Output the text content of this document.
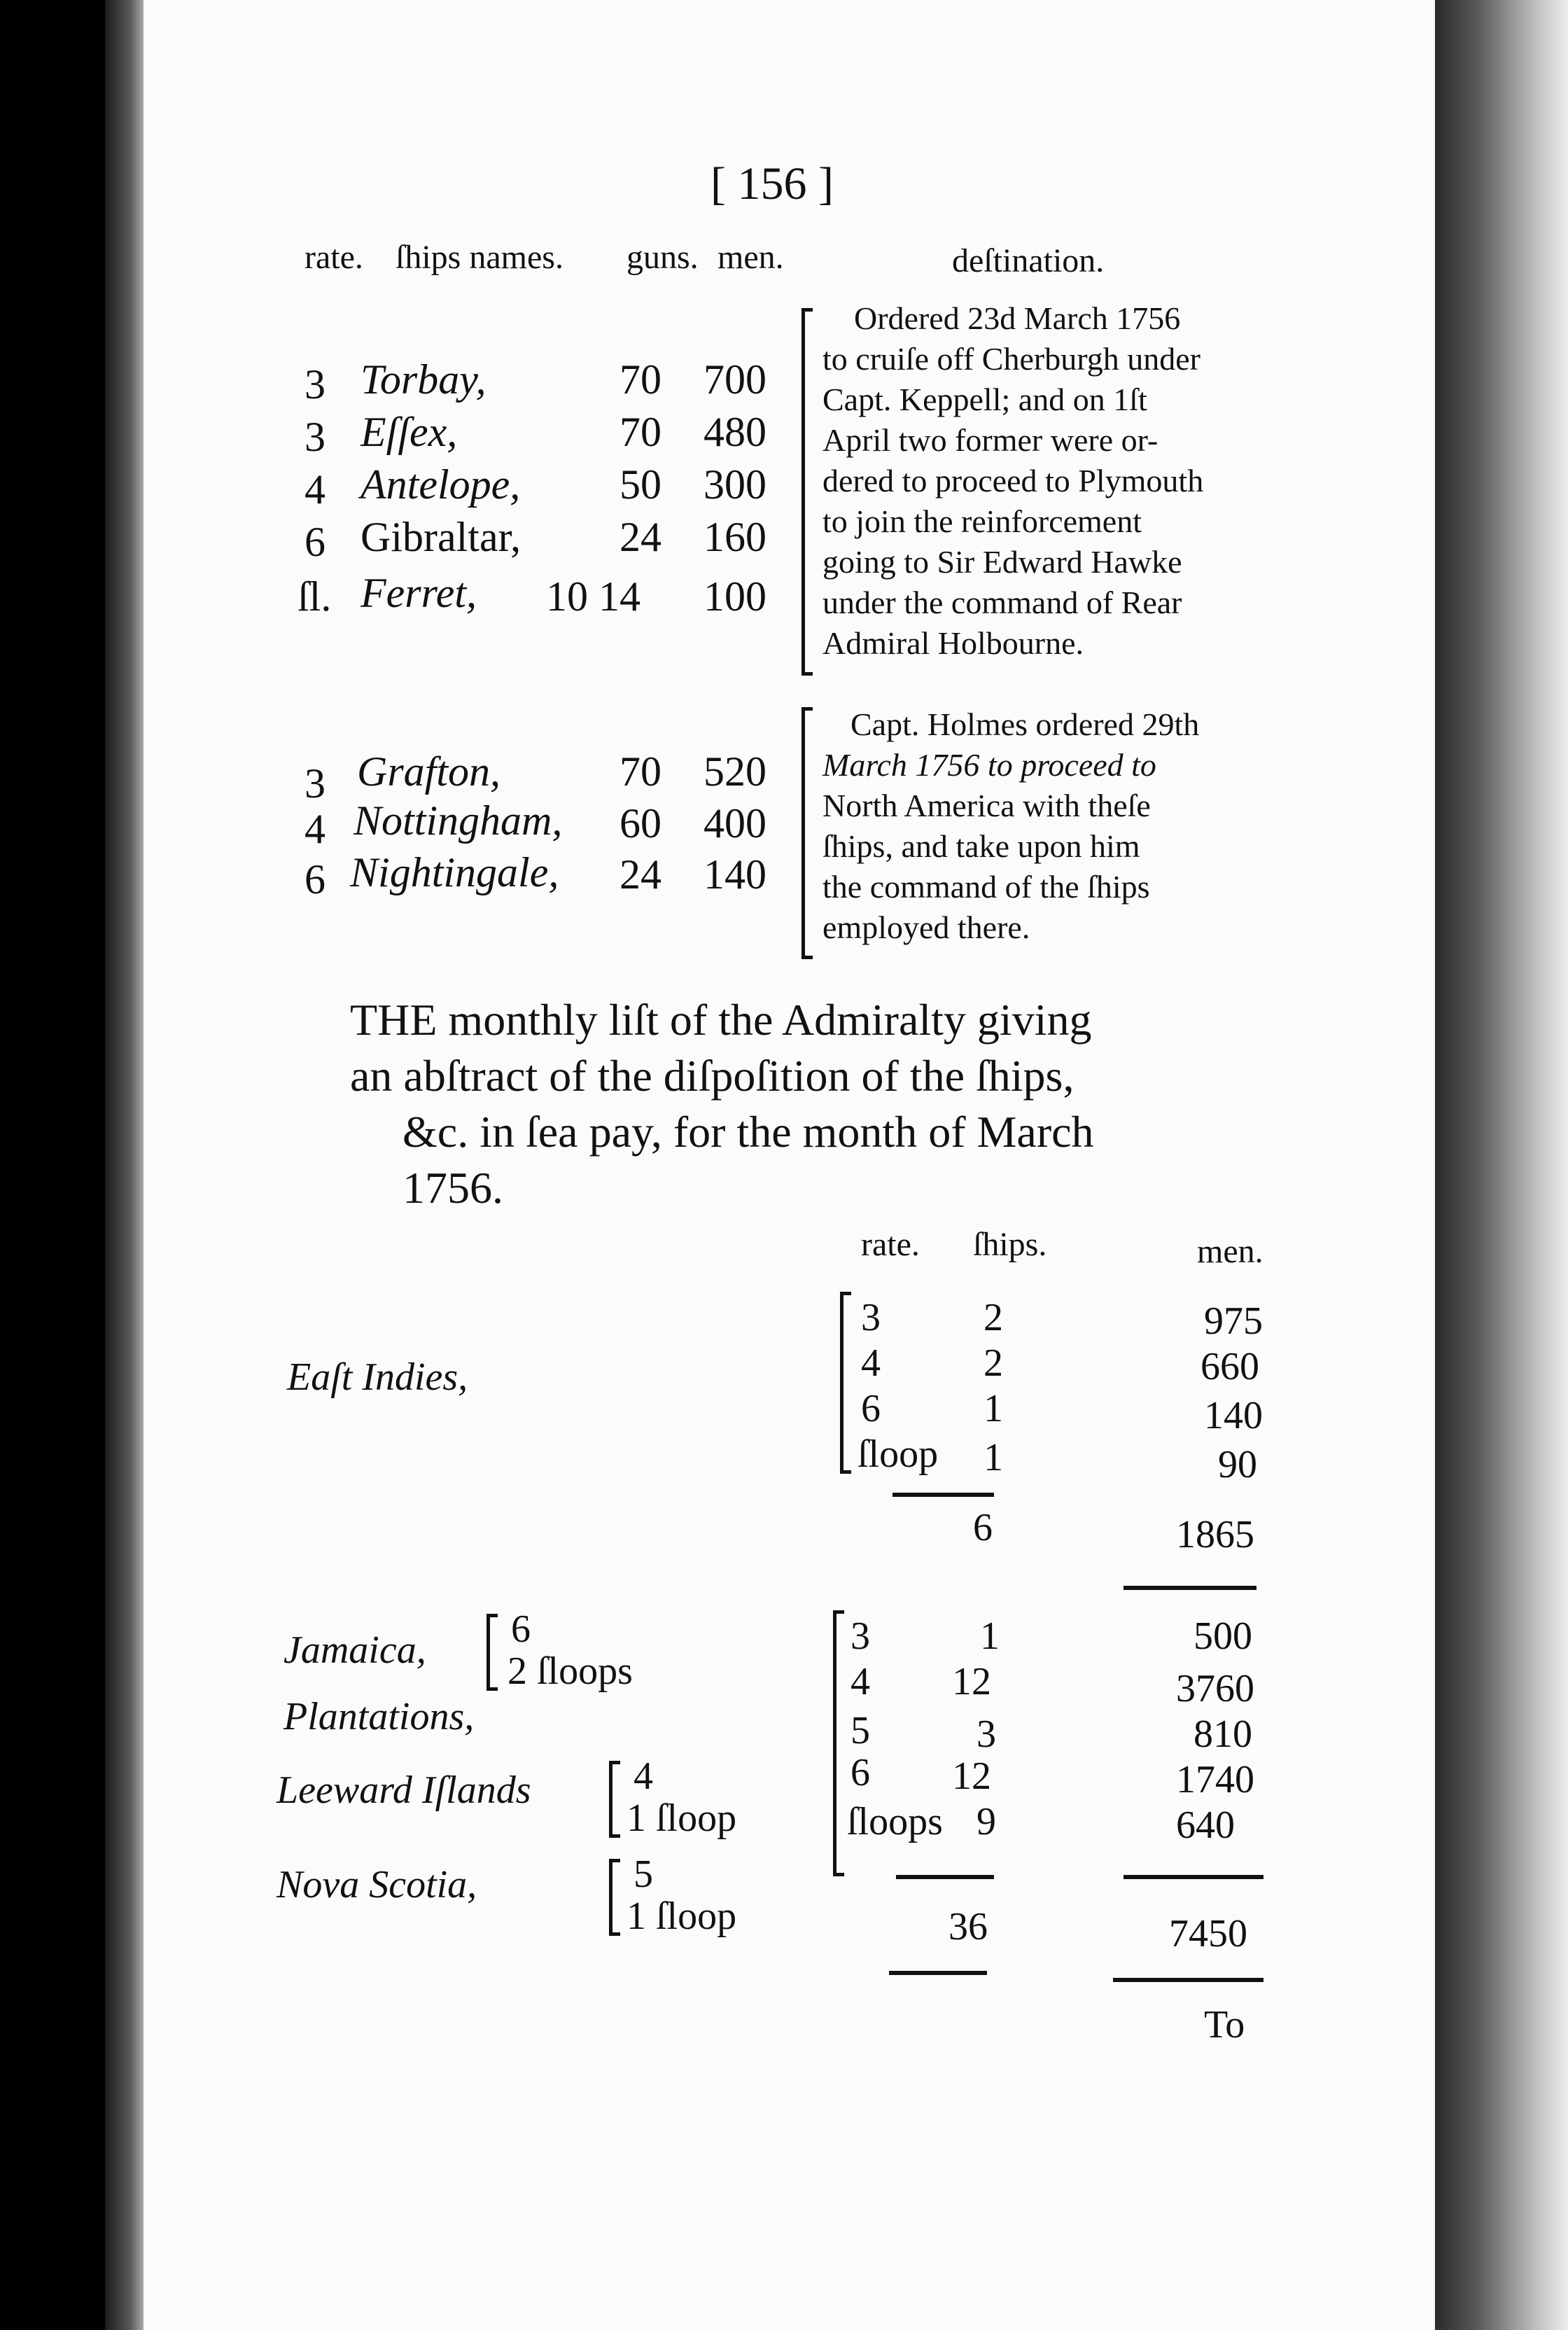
[ 156 ]
rate. ſhips names. guns. men.	deſtination.
3 Torbay,	70 700
3 Eſſex,	70 480
4 Antelope, 50 300
6 Gibraltar, 24 160
ſl. Ferret, 10 14 100
Ordered 23d March 1756
to cruiſe off Cherburgh under
Capt. Keppell; and on 1ſt
April two former were or-
dered to proceed to Plymouth
to join the reinforcement
going to Sir Edward Hawke
under the command of Rear
Admiral Holbourne.
3 Grafton,	70 520
4 Nottingham, 60 400
6 Nightingale, 24 140
Capt. Holmes ordered 29th
March 1756 to proceed to
North America with theſe
ſhips, and take upon him
the command of the ſhips
employed there.
THE monthly liſt of the Admiralty giving
an abſtract of the diſpoſition of the ſhips,
&c. in ſea pay, for the month of March
1756.
rate. ſhips.	men.
Eaſt Indies,
3	2	975
4	2	660
6	1	140
ſloop 1	90
6	1865
Jamaica, 6
2 ſloops
Plantations,
Leeward Iſlands	4
1 ſloop
Nova Scotia,	5
1 ſloop
3	1	500
4 12	3760
5	3	810
6 12	1740
ſloops 9	640
36	7450
To
